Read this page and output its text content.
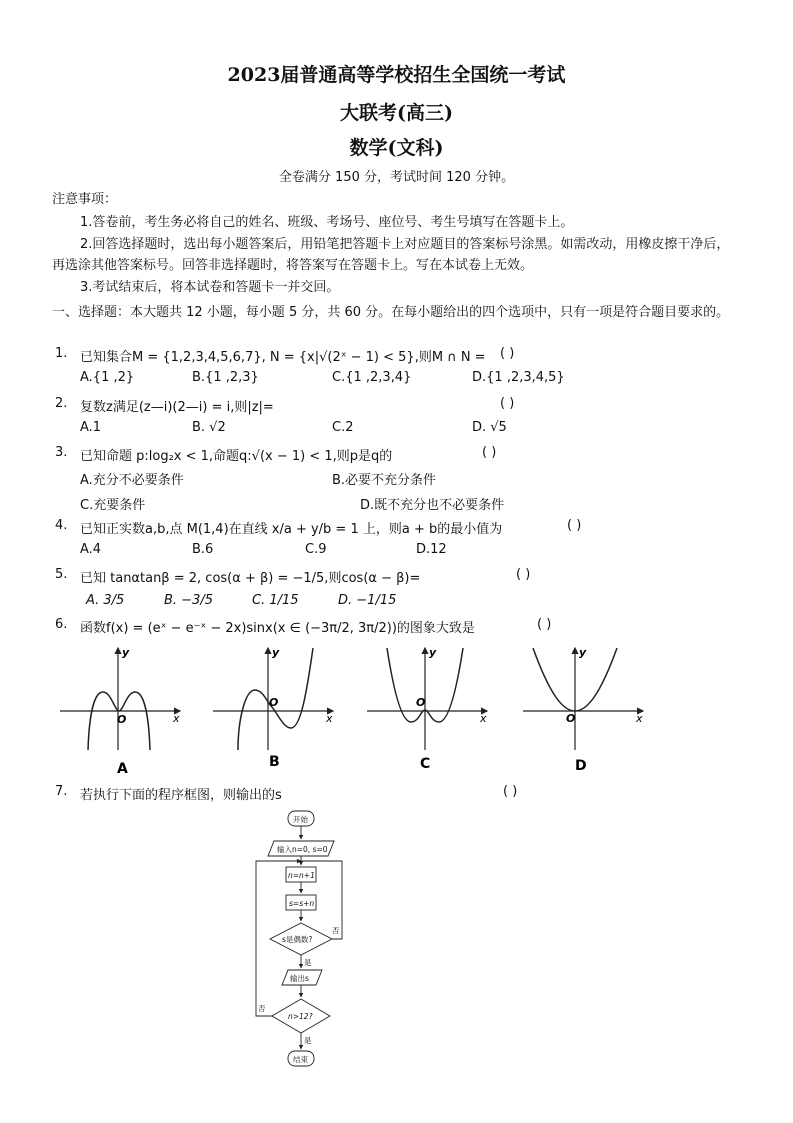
2023届普通高等学校招生全国统一考试
大联考(高三)
数学(文科)
全卷满分 150 分，考试时间 120 分钟。
注意事项：
1.答卷前，考生务必将自己的姓名、班级、考场号、座位号、考生号填写在答题卡上。
2.回答选择题时，选出每小题答案后，用铅笔把答题卡上对应题目的答案标号涂黑。如需改动，用橡皮擦干净后，再选涂其他答案标号。回答非选择题时，将答案写在答题卡上。写在本试卷上无效。
3.考试结束后，将本试卷和答题卡一并交回。
一、选择题：本大题共 12 小题，每小题 5 分，共 60 分。在每小题给出的四个选项中，只有一项是符合题目要求的。
1. 已知集合M = {1,2,3,4,5,6,7}, N = {x|√(2ˣ − 1) < 5},则M ∩ N = ( )
A.{1 ,2}	B.{1 ,2,3}	C.{1 ,2,3,4}	D.{1 ,2,3,4,5}
2. 复数z满足(z—i)(2—i) = i,则|z|=	( )
A.1	B. √2	C.2	D. √5
3. 已知命题 p:log₂x < 1,命题q:√(x − 1) < 1,则p是q的	( )
A.充分不必要条件	B.必要不充分条件
C.充要条件	D.既不充分也不必要条件
4. 已知正实数a,b,点 M(1,4)在直线 x/a + y/b = 1 上，则a + b的最小值为	( )
A.4	B.6	C.9	D.12
5. 已知 tanαtanβ = 2, cos(α + β) = −1/5,则cos(α − β)=	( )
A. 3/5	B. −3/5	C. 1/15	D. −1/15
6. 函数f(x) = (eˣ − e⁻ˣ − 2x)sinx(x ∈ (−3π/2, 3π/2))的图象大致是	( )
x
y
O
A
x
y
O
B
x
y
O
C
x
y
O
D
7. 若执行下面的程序框图，则输出的s	( )
开始
输入n=0, s=0
n=n+1
s=s+n
s是偶数?
否
是
输出s
n>12?
否
是
结束
